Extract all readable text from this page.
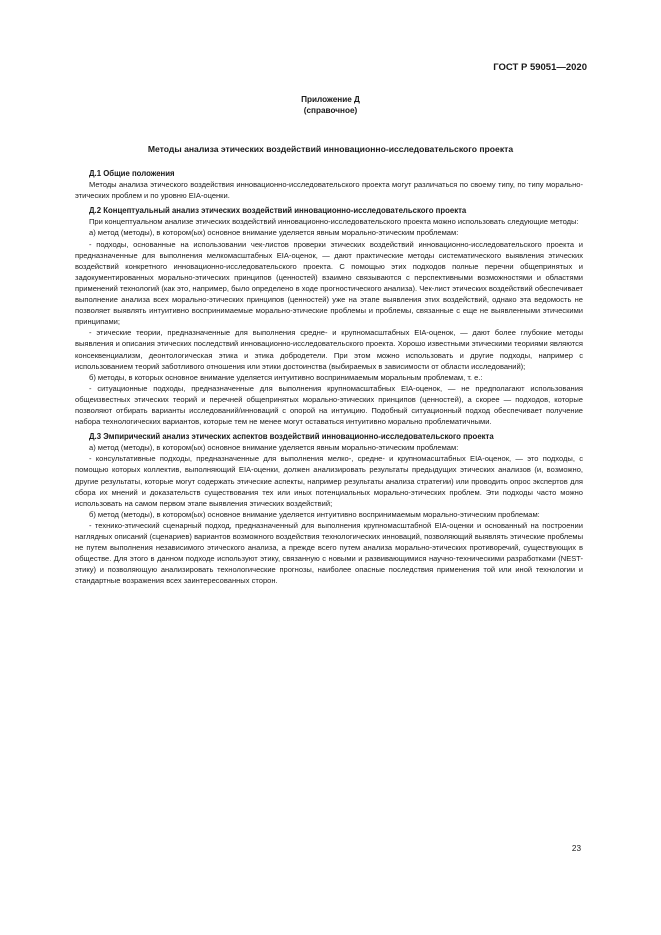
ГОСТ Р 59051—2020
Приложение Д
(справочное)
Методы анализа этических воздействий инновационно-исследовательского проекта
Д.1 Общие положения

Методы анализа этического воздействия инновационно-исследовательского проекта могут различаться по своему типу, по типу морально-этических проблем и по уровню EIA-оценки.

Д.2 Концептуальный анализ этических воздействий инновационно-исследовательского проекта

При концептуальном анализе этических воздействий инновационно-исследовательского проекта можно использовать следующие методы:

а) метод (методы), в котором(ых) основное внимание уделяется явным морально-этическим проблемам:

- подходы, основанные на использовании чек-листов проверки этических воздействий инновационно-исследовательского проекта и предназначенные для выполнения мелкомасштабных EIA-оценок, — дают практические методы систематического выявления этических воздействий конкретного инновационно-исследовательского проекта. С помощью этих подходов полные перечни общепринятых и задокументированных морально-этических принципов (ценностей) взаимно связываются с перспективными возможностями и областями применений технологий (как это, например, было определено в ходе прогностического анализа). Чек-лист этических воздействий обеспечивает выполнение анализа всех морально-этических принципов (ценностей) уже на этапе выявления этих воздействий, однако эта ведомость не позволяет выявлять интуитивно воспринимаемые морально-этические проблемы и проблемы, связанные с еще не выявленными этическими принципами;

- этические теории, предназначенные для выполнения средне- и крупномасштабных EIA-оценок, — дают более глубокие методы выявления и описания этических последствий инновационно-исследовательского проекта. Хорошо известными этическими теориями являются консеквенциализм, деонтологическая этика и этика добродетели. При этом можно использовать и другие подходы, например с использованием теорий заботливого отношения или этики достоинства (выбираемых в зависимости от области исследований);

б) методы, в которых основное внимание уделяется интуитивно воспринимаемым моральным проблемам, т. е.:

- ситуационные подходы, предназначенные для выполнения крупномасштабных EIA-оценок, — не предполагают использования общеизвестных этических теорий и перечней общепринятых морально-этических принципов (ценностей), а скорее — подходов, которые позволяют отбирать варианты исследований/инноваций с опорой на интуицию. Подобный ситуационный подход обеспечивает получение набора технологических вариантов, которые тем не менее могут оставаться интуитивно морально проблематичными.

Д.3 Эмпирический анализ этических аспектов воздействий инновационно-исследовательского проекта

а) метод (методы), в котором(ых) основное внимание уделяется явным морально-этическим проблемам:

- консультативные подходы, предназначенные для выполнения мелко-, средне- и крупномасштабных EIA-оценок, — это подходы, с помощью которых коллектив, выполняющий EIA-оценки, должен анализировать результаты предыдущих этических анализов (и, возможно, другие результаты, которые могут содержать этические аспекты, например результаты анализа стратегии) или проводить опрос экспертов для сбора их мнений и доказательств существования тех или иных потенциальных морально-этических проблем. Эти подходы часто можно использовать на самом первом этапе выявления этических воздействий;

б) метод (методы), в котором(ых) основное внимание уделяется интуитивно воспринимаемым морально-этическим проблемам:

- технико-этический сценарный подход, предназначенный для выполнения крупномасштабной EIA-оценки и основанный на построении наглядных описаний (сценариев) вариантов возможного воздействия технологических инноваций, позволяющий выявлять этические проблемы не путем выполнения независимого этического анализа, а прежде всего путем анализа морально-этических противоречий, существующих в обществе. Для этого в данном подходе используют этику, связанную с новыми и развивающимися научно-техническими разработками (NEST-этику) и позволяющую анализировать технологические прогнозы, наиболее опасные последствия применения той или иной технологии и стандартные возражения всех заинтересованных сторон.

23
